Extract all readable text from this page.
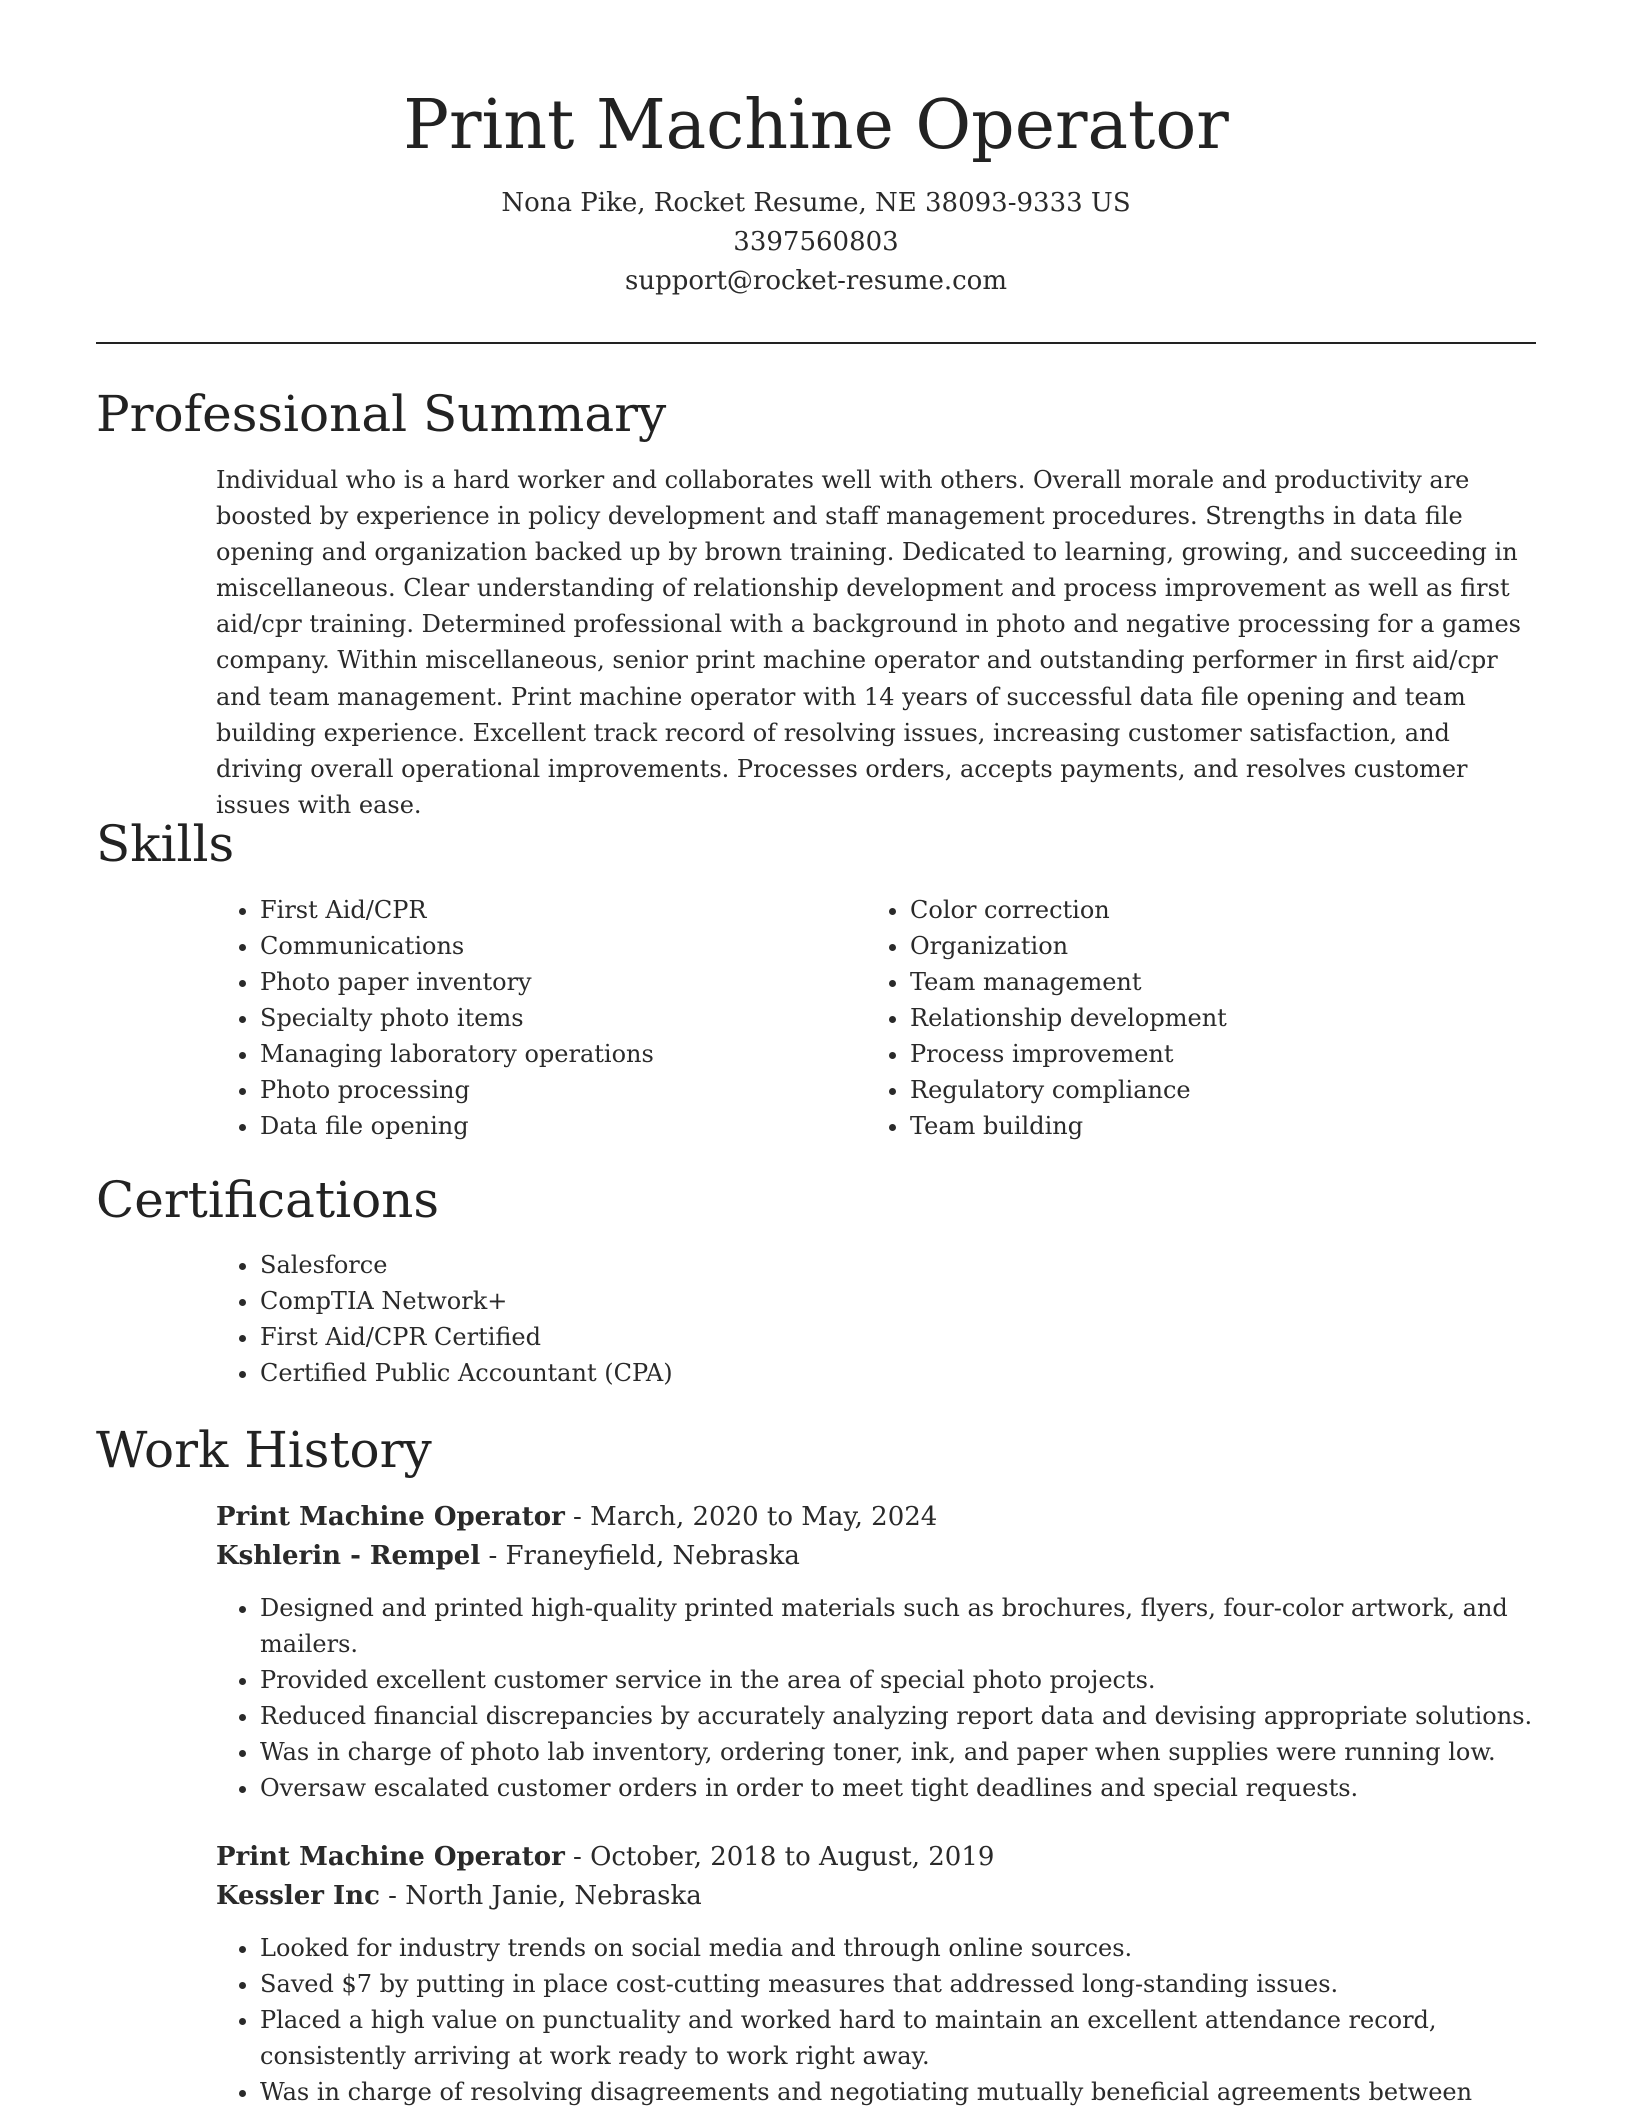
Print Machine Operator
Nona Pike, Rocket Resume, NE 38093-9333 US
3397560803
support@rocket-resume.com
Professional Summary

Individual who is a hard worker and collaborates well with others. Overall morale and productivity are boosted by experience in policy development and staff management procedures. Strengths in data file opening and organization backed up by brown training. Dedicated to learning, growing, and succeeding in miscellaneous. Clear understanding of relationship development and process improvement as well as first aid/cpr training. Determined professional with a background in photo and negative processing for a games company. Within miscellaneous, senior print machine operator and outstanding performer in first aid/cpr and team management. Print machine operator with 14 years of successful data file opening and team building experience. Excellent track record of resolving issues, increasing customer satisfaction, and driving overall operational improvements. Processes orders, accepts payments, and resolves customer issues with ease.

Skills
• First Aid/CPR
• Communications
• Photo paper inventory
• Specialty photo items
• Managing laboratory operations
• Photo processing
• Data file opening
• Color correction
• Organization
• Team management
• Relationship development
• Process improvement
• Regulatory compliance
• Team building
Certifications
• Salesforce
• CompTIA Network+
• First Aid/CPR Certified
• Certified Public Accountant (CPA)
Work History
Print Machine Operator - March, 2020 to May, 2024
Kshlerin - Rempel - Franeyfield, Nebraska
• Designed and printed high-quality printed materials such as brochures, flyers, four-color artwork, and mailers.
• Provided excellent customer service in the area of special photo projects.
• Reduced financial discrepancies by accurately analyzing report data and devising appropriate solutions.
• Was in charge of photo lab inventory, ordering toner, ink, and paper when supplies were running low.
• Oversaw escalated customer orders in order to meet tight deadlines and special requests.
Print Machine Operator - October, 2018 to August, 2019
Kessler Inc - North Janie, Nebraska
• Looked for industry trends on social media and through online sources.
• Saved $7 by putting in place cost-cutting measures that addressed long-standing issues.
• Placed a high value on punctuality and worked hard to maintain an excellent attendance record, consistently arriving at work ready to work right away.
• Was in charge of resolving disagreements and negotiating mutually beneficial agreements between
